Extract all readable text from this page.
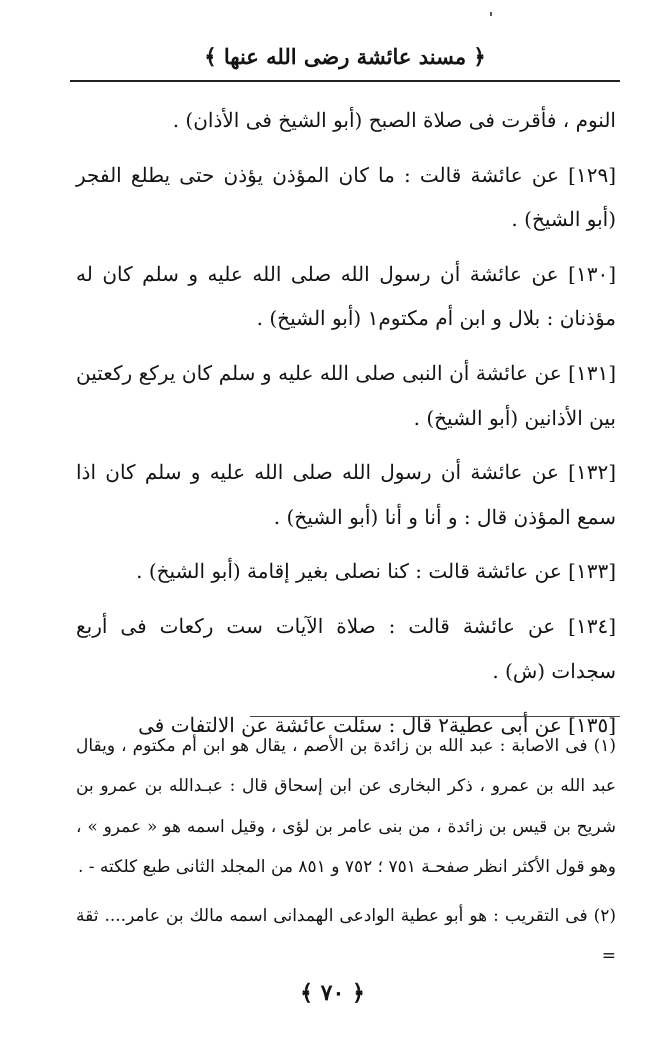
﴿ مسند عائشة رضى الله عنها ﴾

النوم ، فأقرت فى صلاة الصبح (أبو الشيخ فى الأذان) .

[١٢٩] عن عائشة قالت : ما كان المؤذن يؤذن حتى يطلع الفجر (أبو الشيخ) .

[١٣٠] عن عائشة أن رسول الله صلى الله عليه و سلم كان له مؤذنان : بلال و ابن أم مكتوم١ (أبو الشيخ) .

[١٣١] عن عائشة أن النبى صلى الله عليه و سلم كان يركع ركعتين بين الأذانين (أبو الشيخ) .

[١٣٢] عن عائشة أن رسول الله صلى الله عليه و سلم كان اذا سمع المؤذن قال : و أنا و أنا (أبو الشيخ) .

[١٣٣] عن عائشة قالت : كنا نصلى بغير إقامة (أبو الشيخ) .

[١٣٤] عن عائشة قالت : صلاة الآيات ست ركعات فى أربع سجدات (ش) .

[١٣٥] عن أبى عطية٢ قال : سئلت عائشة عن الالتفات فى

(١) فى الاصابة : عبد الله بن زائدة بن الأصم ، يقال هو ابن أم مكتوم ، ويقال عبد الله بن عمرو ، ذكر البخارى عن ابن إسحاق قال : عبـدالله بن عمرو بن شريح بن قيس بن زائدة ، من بنى عامر بن لؤى ، وقيل اسمه هو « عمرو » ، وهو قول الأكثر انظر صفحـة ٧٥١ ؛ ٧٥٢ و ٨٥١ من المجلد الثانى طبع كلكته - .

(٢) فى التقريب : هو أبو عطية الوادعى الهمدانى اسمه مالك بن عامر.... ثقة =

﴿ ٧٠ ﴾
